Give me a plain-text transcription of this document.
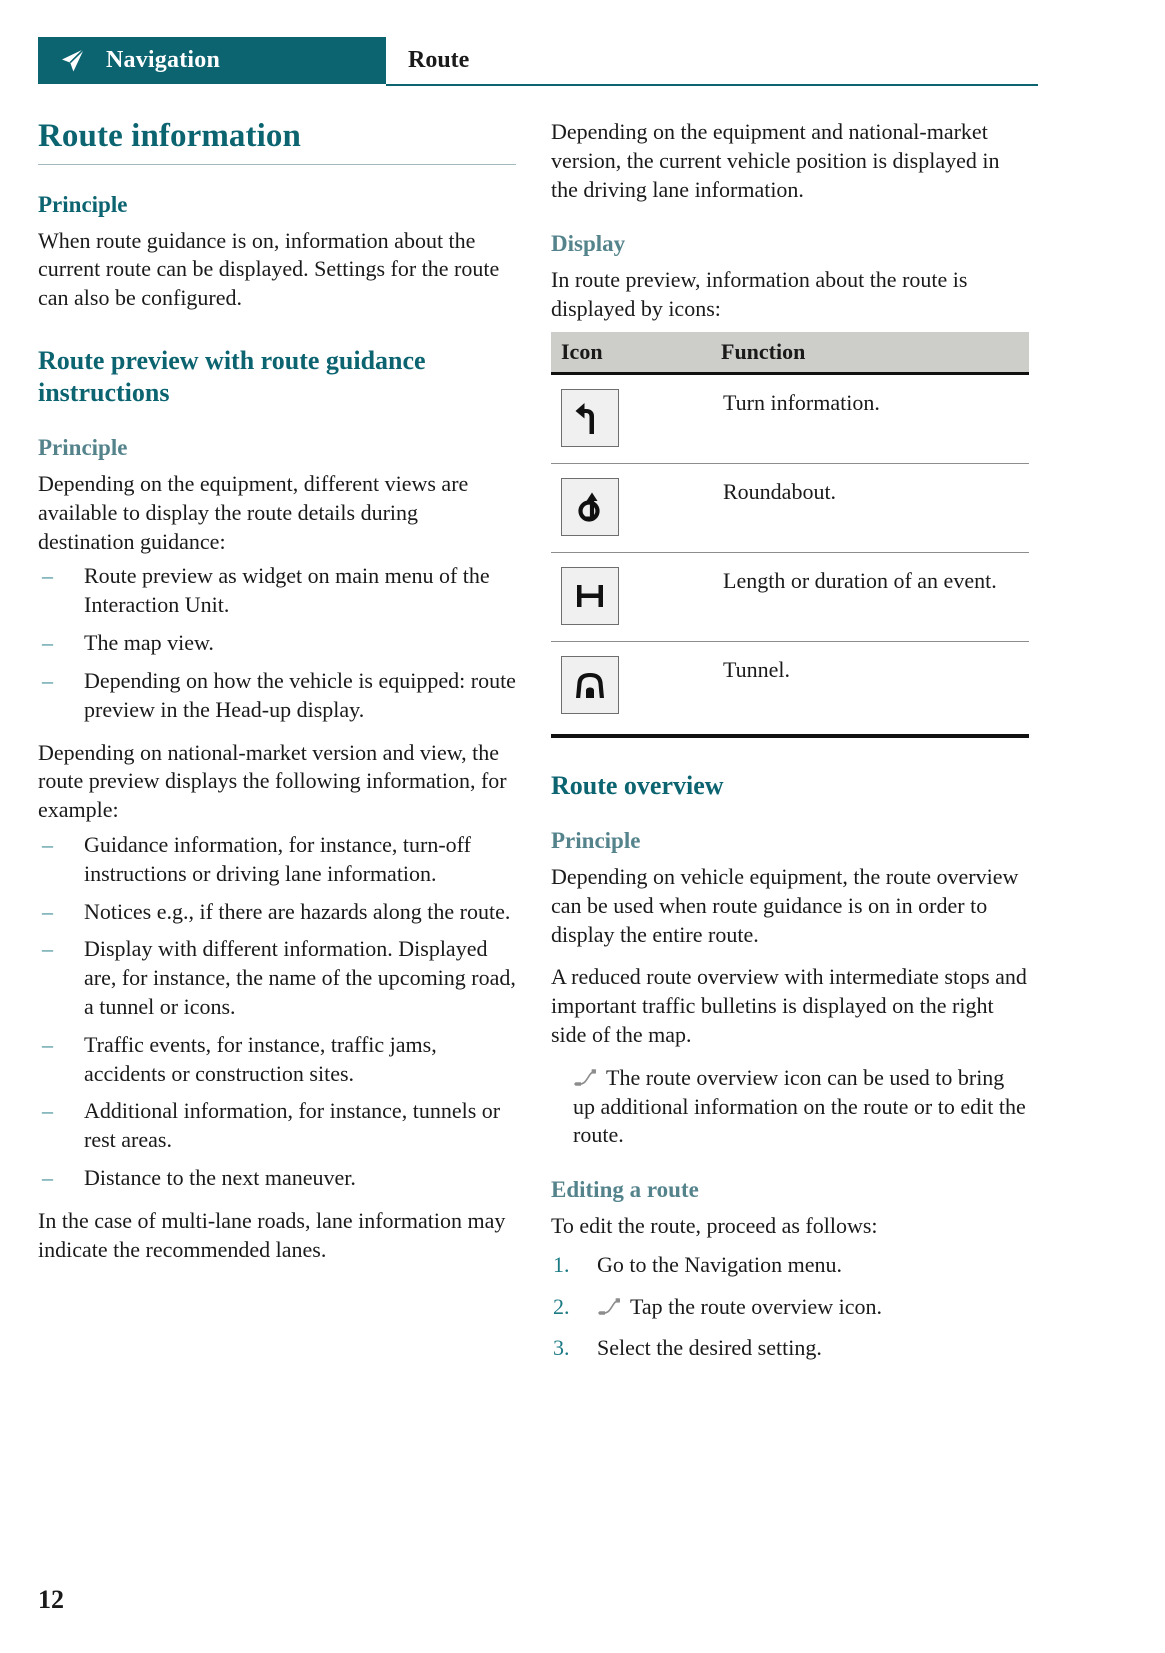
Navigation	Route
Route information
Principle

When route guidance is on, information about the current route can be displayed. Settings for the route can also be configured.

Route preview with route guidance instructions
Principle

Depending on the equipment, different views are available to display the route details during destination guidance:

– Route preview as widget on main menu of the Interaction Unit.
– The map view.
– Depending on how the vehicle is equipped: route preview in the Head-up display.

Depending on national-market version and view, the route preview displays the following information, for example:

– Guidance information, for instance, turn-off instructions or driving lane information.
– Notices e.g., if there are hazards along the route.
– Display with different information. Displayed are, for instance, the name of the upcoming road, a tunnel or icons.
– Traffic events, for instance, traffic jams, accidents or construction sites.
– Additional information, for instance, tunnels or rest areas.
– Distance to the next maneuver.

In the case of multi-lane roads, lane information may indicate the recommended lanes.

Depending on the equipment and national-market version, the current vehicle position is displayed in the driving lane information.

Display

In route preview, information about the route is displayed by icons:

Icon	Function

	Turn information.

	Roundabout.

	Length or duration of an event.

	Tunnel.
Route overview
Principle

Depending on vehicle equipment, the route overview can be used when route guidance is on in order to display the entire route.

A reduced route overview with intermediate stops and important traffic bulletins is displayed on the right side of the map.

The route overview icon can be used to bring up additional information on the route or to edit the route.

Editing a route

To edit the route, proceed as follows:

1. Go to the Navigation menu.
2.	Tap the route overview icon.
3. Select the desired setting.
12
